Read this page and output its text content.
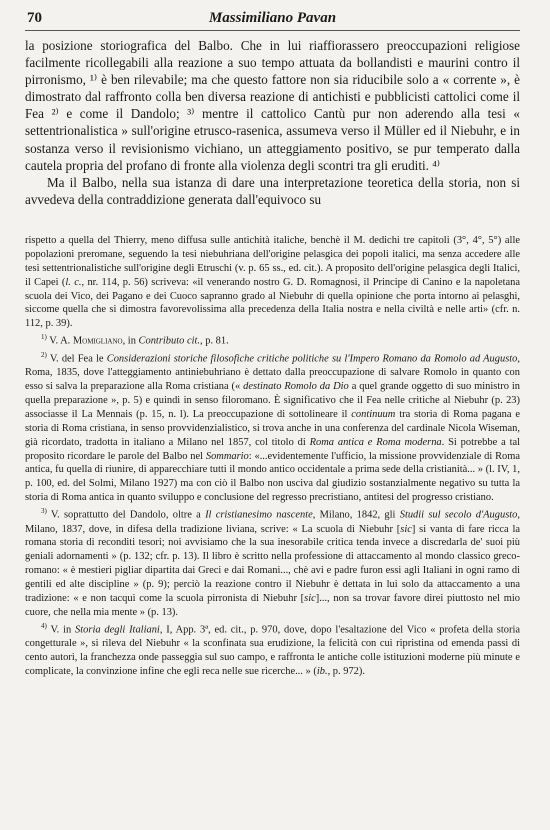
70	Massimiliano Pavan

la posizione storiografica del Balbo. Che in lui riaffiorassero preoccupazioni religiose facilmente ricollegabili alla reazione a suo tempo attuata da bollandisti e maurini contro il pirronismo, ¹⁾ è ben rilevabile; ma che questo fattore non sia riducibile solo a « corrente », è dimostrato dal raffronto colla ben diversa reazione di antichisti e pubblicisti cattolici come il Fea ²⁾ e come il Dandolo; ³⁾ mentre il cattolico Cantù pur non aderendo alla tesi « settentrionalistica » sull'origine etrusco-rasenica, assumeva verso il Müller ed il Niebuhr, e in sostanza verso il revisionismo vichiano, un atteggiamento positivo, se pur temperato dalla cautela propria del profano di fronte alla violenza degli scontri tra gli eruditi. ⁴⁾

Ma il Balbo, nella sua istanza di dare una interpretazione teoretica della storia, non si avvedeva della contraddizione generata dall'equivoco su

rispetto a quella del Thierry, meno diffusa sulle antichità italiche, benchè il M. dedichi tre capitoli (3°, 4°, 5°) alle popolazioni preromane, seguendo la tesi niebuhriana dell'origine pelasgica dei popoli italici, ma senza accedere alle tesi settentrionalistiche sull'origine degli Etruschi (v. p. 65 ss., ed. cit.). A proposito dell'origine pelasgica degli Italici, il Capei (l. c., nr. 114, p. 56) scriveva: «il venerando nostro G. D. Romagnosi, il Principe di Canino e la napoletana scuola dei Vico, dei Pagano e dei Cuoco sapranno grado al Niebuhr di quella opinione che porta intorno ai pelasghi, siccome quella che si dimostra favorevolissima alla precedenza della Italia nostra e nella civiltà e nelle arti» (cfr. n. 112, p. 39).

$^{1)}$ V. A. Momigliano, in Contributo cit., p. 81.

$^{2)}$ V. del Fea le Considerazioni storiche filosofiche critiche politiche su l'Impero Romano da Romolo ad Augusto, Roma, 1835, dove l'atteggiamento antiniebuhriano è dettato dalla preoccupazione di salvare Romolo in quanto con esso si salva la preparazione alla Roma cristiana (« destinato Romolo da Dio a quel grande oggetto di suo ministro in quella preparazione », p. 5) e quindi in senso filoromano. È significativo che il Fea nelle critiche al Niebuhr (p. 23) associasse il La Mennais (p. 15, n. l). La preoccupazione di sottolineare il continuum tra storia di Roma pagana e storia di Roma cristiana, in senso provvidenzialistico, si trova anche in una conferenza del cardinale Nicola Wiseman, già ricordato, tradotta in italiano a Milano nel 1857, col titolo di Roma antica e Roma moderna. Si potrebbe a tal proposito ricordare le parole del Balbo nel Sommario: «...evidentemente l'ufficio, la missione provvidenziale di Roma antica, fu quella di riunire, di apparecchiare tutti il mondo antico occidentale a prima sede della cristianità... » (l. IV, 1, p. 100, ed. del Solmi, Milano 1927) ma con ciò il Balbo non usciva dal giudizio sostanzialmente negativo su tutta la storia di Roma antica in quanto sviluppo e conclusione del regresso precristiano, antitesi del progresso cristiano.

$^{3)}$ V. soprattutto del Dandolo, oltre a Il cristianesimo nascente, Milano, 1842, gli Studii sul secolo d'Augusto, Milano, 1837, dove, in difesa della tradizione liviana, scrive: « La scuola di Niebuhr [sic] si vanta di fare ricca la romana storia di reconditi tesori; noi avvisiamo che la sua inesorabile critica tenda invece a discredarla de' suoi più geniali adornamenti » (p. 132; cfr. p. 13). Il libro è scritto nella professione di attaccamento al mondo classico greco-romano: « è mestieri pigliar dipartita dai Greci e dai Romani..., chè avi e padre furon essi agli Italiani in ogni ramo di gentili ed alte discipline » (p. 9); perciò la reazione contro il Niebuhr è dettata in lui solo da attaccamento a una tradizione: « e non tacqui come la scuola pirronista di Niebuhr [sic]..., non sa trovar favore direi piuttosto nel mio cuore, che nella mia mente » (p. 13).

$^{4)}$ V. in Storia degli Italiani, I, App. 3ª, ed. cit., p. 970, dove, dopo l'esaltazione del Vico « profeta della storia congetturale », si rileva del Niebuhr « la sconfinata sua erudizione, la felicità con cui ripristina od emenda passi di cento autori, la franchezza onde passeggia sul suo campo, e raffronta le antiche colle istituzioni moderne più minute e complicate, la convinzione infine che egli reca nelle sue ricerche... » (ib., p. 972).
